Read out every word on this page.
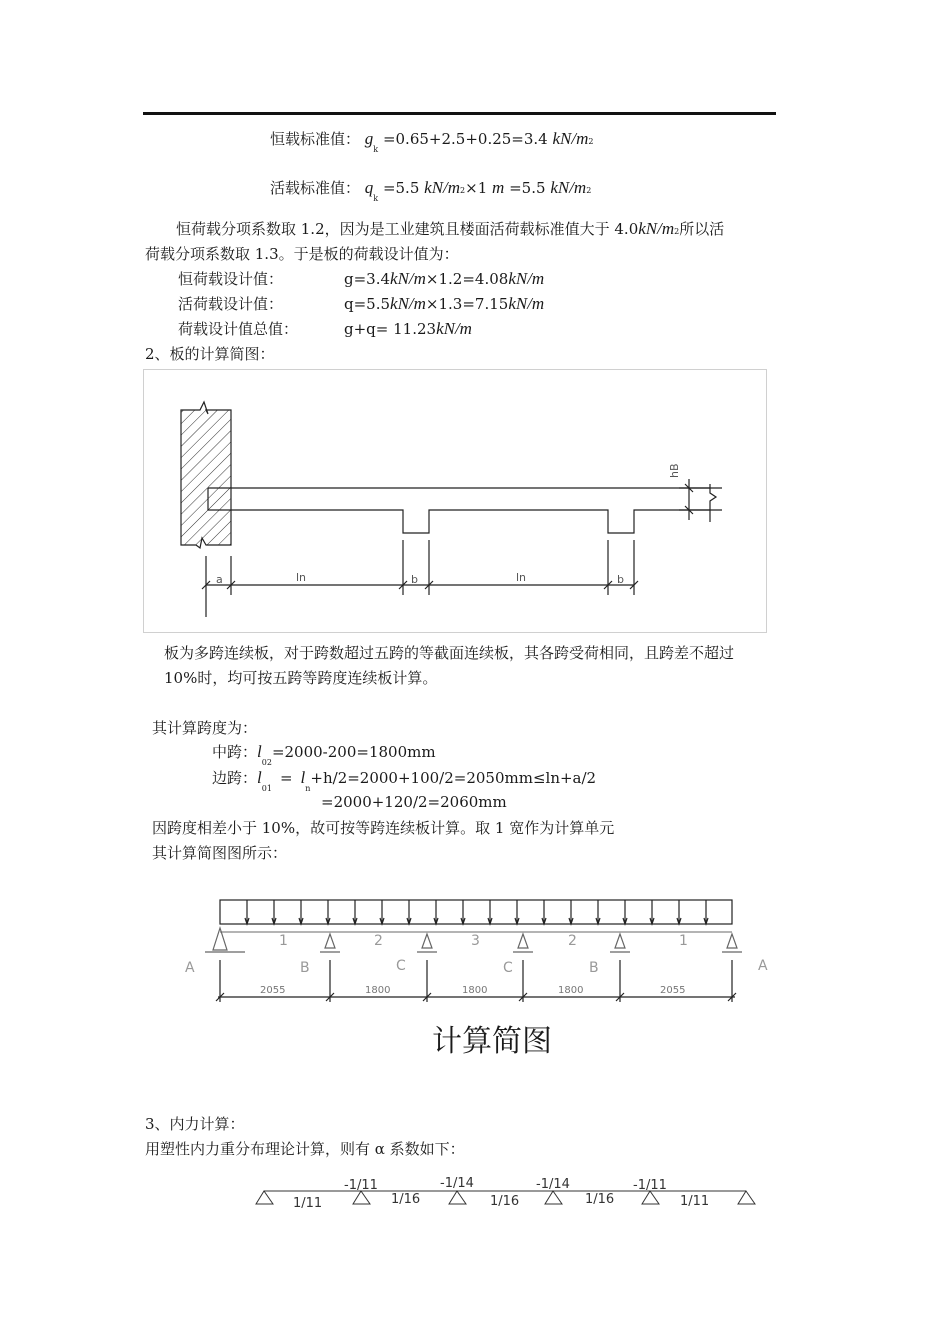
恒载标准值： $g_k =0.65+2.5+0.25=3.4$ kN/m2
活载标准值： $q_k =5.5$ kN/m2×1 m =5.5 kN/m2
恒荷载分项系数取 1.2，因为是工业建筑且楼面活荷载标准值大于 4.0kN/m2所以活
荷载分项系数取 1.3。于是板的荷载设计值为：
恒荷载设计值：	g=3.4kN/m×1.2=4.08kN/m
活荷载设计值：	q=5.5kN/m×1.3=7.15kN/m
荷载设计值总值：	g+q= 11.23kN/m
2、板的计算简图：
a	ln	b	ln	b
hB
板为多跨连续板，对于跨数超过五跨的等截面连续板，其各跨受荷相同，且跨差不超过
10%时，均可按五跨等跨度连续板计算。
其计算跨度为：
中跨：$l_{02}=2000-200=1800mm$
边跨：$l_{01}= l_n+h/2=2000+100/2=2050mm\le\ln+a/2$
=2000+120/2=2060mm
因跨度相差小于 10%，故可按等跨连续板计算。取 1 宽作为计算单元
其计算简图图所示：
1	2	3	2	1
A	B	C	C	B	A
2055	1800	1800	1800	2055
计算简图
3、内力计算：
用塑性内力重分布理论计算，则有 α 系数如下：
-1/11	-1/14	-1/14	-1/11
1/11	1/16	1/16	1/16	1/11
